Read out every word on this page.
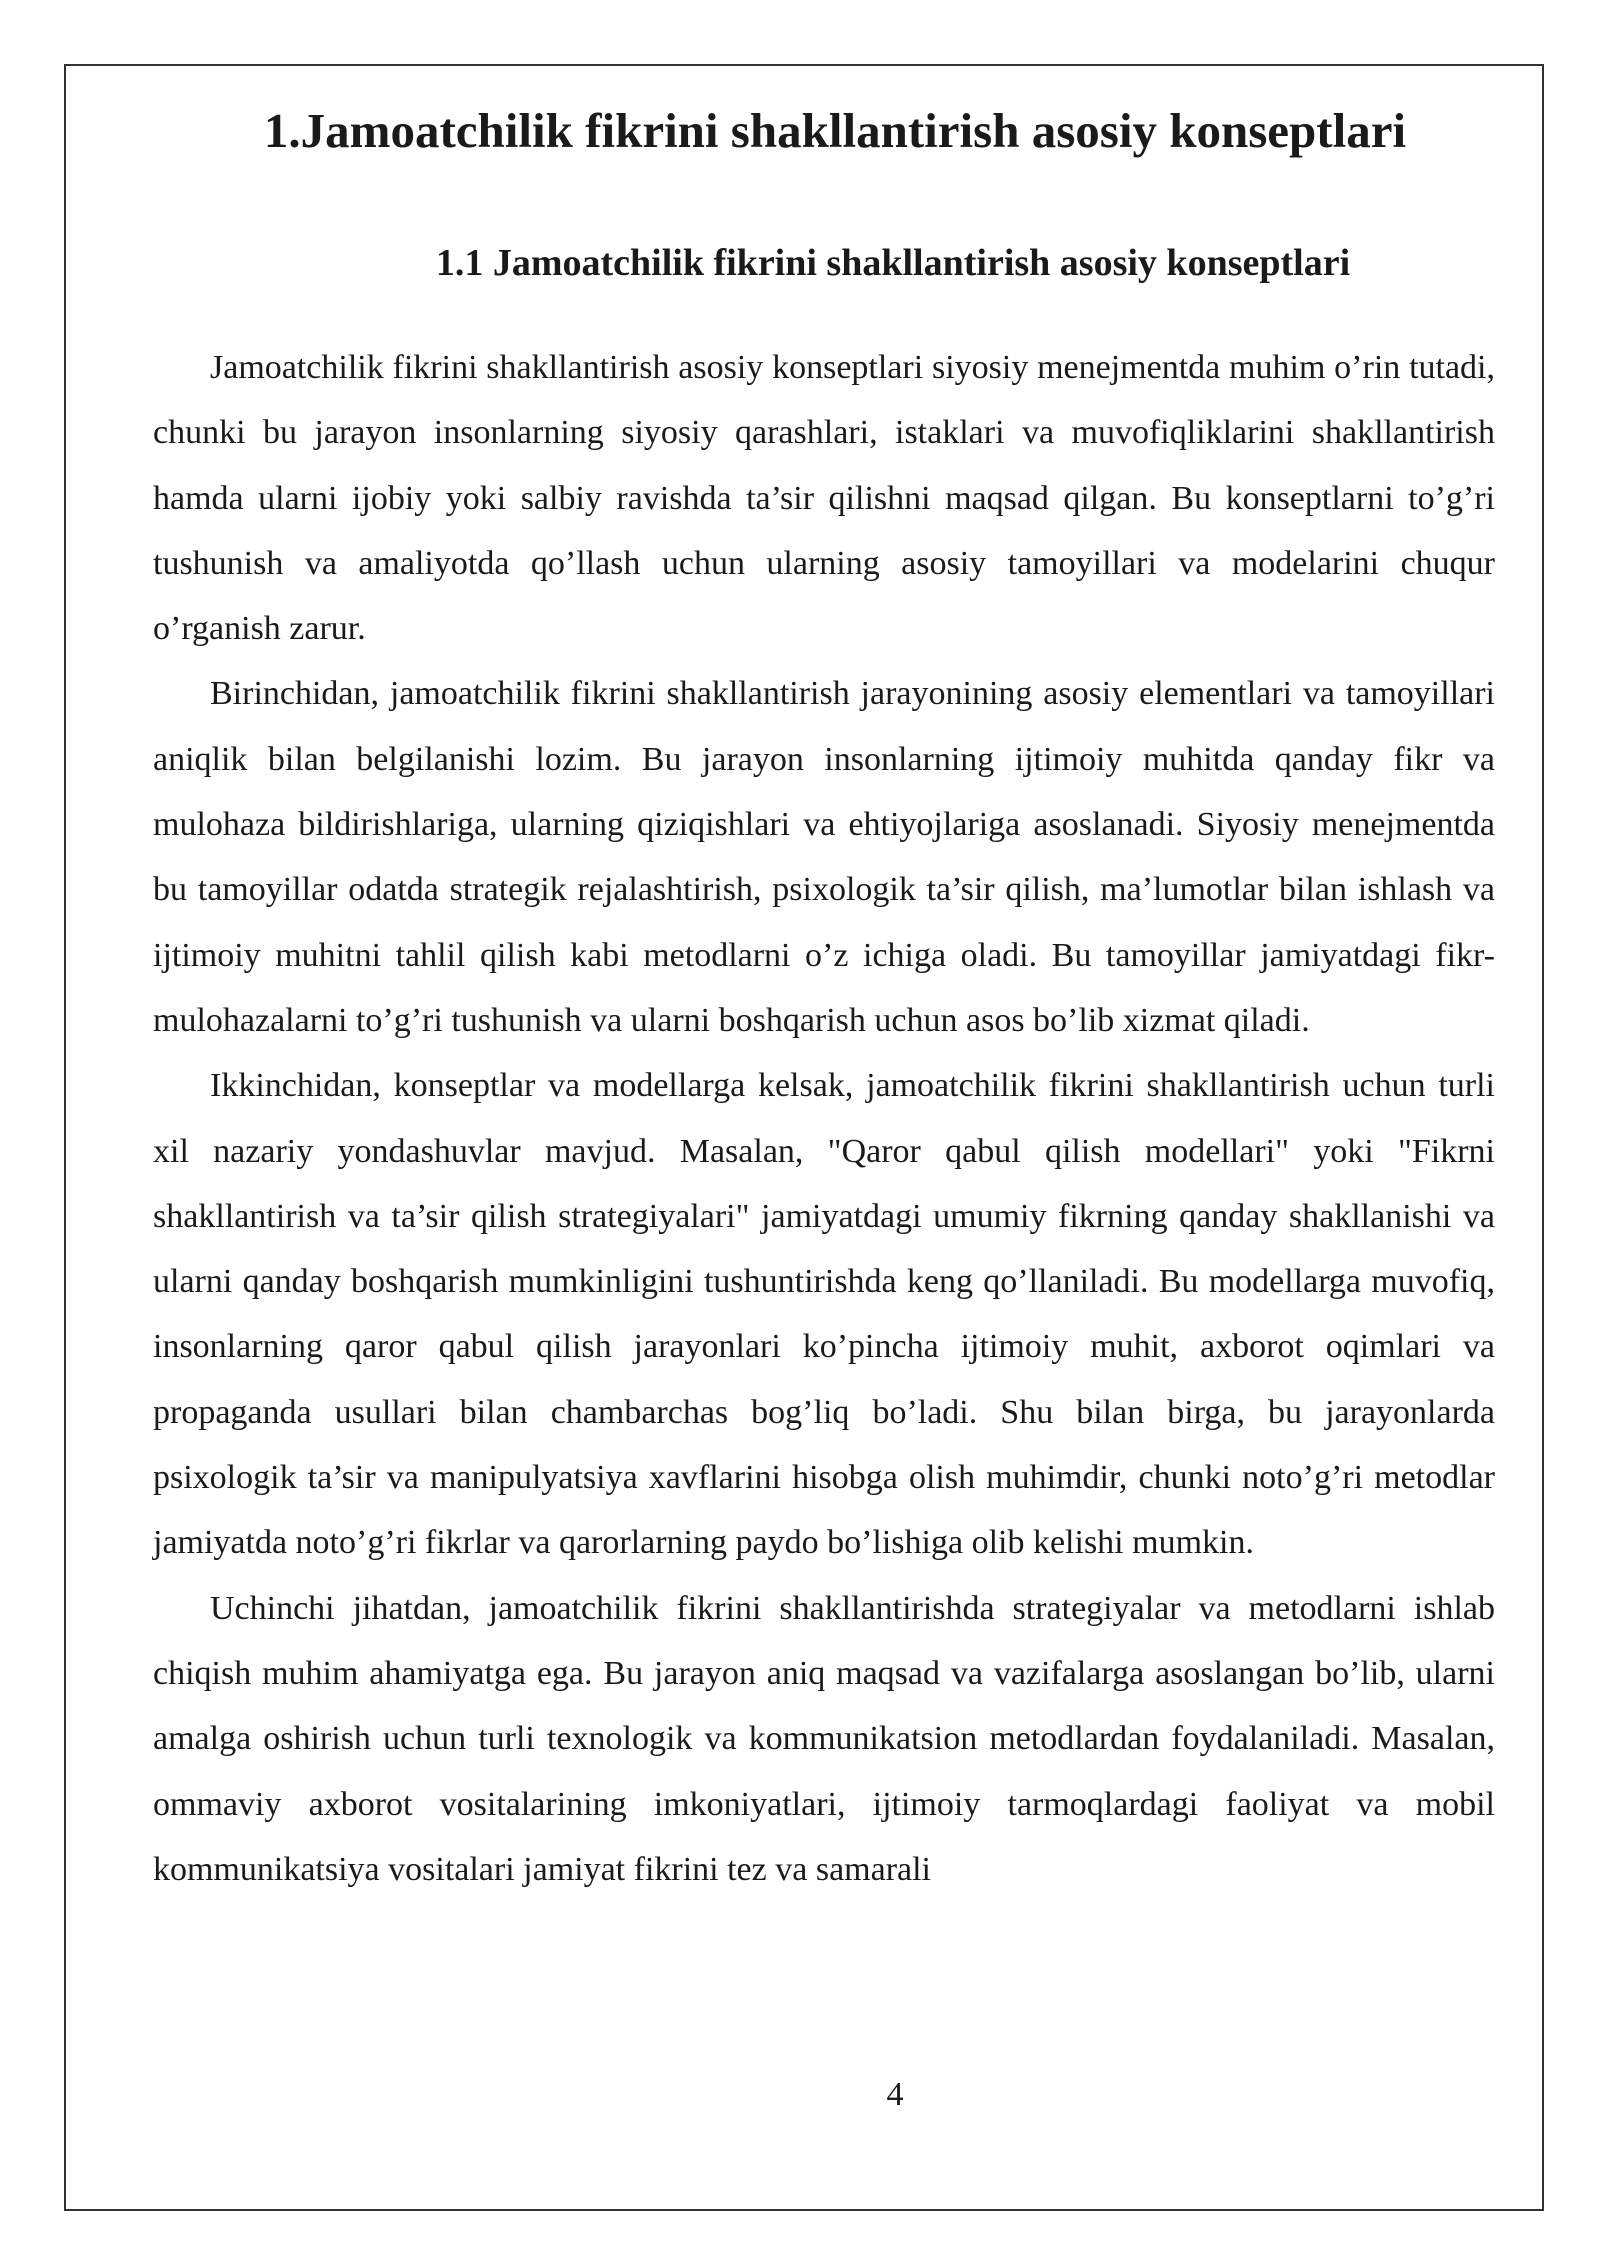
1.Jamoatchilik fikrini shakllantirish asosiy konseptlari
1.1 Jamoatchilik fikrini shakllantirish asosiy konseptlari

Jamoatchilik fikrini shakllantirish asosiy konseptlari siyosiy menejmentda muhim o’rin tutadi, chunki bu jarayon insonlarning siyosiy qarashlari, istaklari va muvofiqliklarini shakllantirish hamda ularni ijobiy yoki salbiy ravishda ta’sir qilishni maqsad qilgan. Bu konseptlarni to’g’ri tushunish va amaliyotda qo’llash uchun ularning asosiy tamoyillari va modelarini chuqur o’rganish zarur.

Birinchidan, jamoatchilik fikrini shakllantirish jarayonining asosiy elementlari va tamoyillari aniqlik bilan belgilanishi lozim. Bu jarayon insonlarning ijtimoiy muhitda qanday fikr va mulohaza bildirishlariga, ularning qiziqishlari va ehtiyojlariga asoslanadi. Siyosiy menejmentda bu tamoyillar odatda strategik rejalashtirish, psixologik ta’sir qilish, ma’lumotlar bilan ishlash va ijtimoiy muhitni tahlil qilish kabi metodlarni o’z ichiga oladi. Bu tamoyillar jamiyatdagi fikr-mulohazalarni to’g’ri tushunish va ularni boshqarish uchun asos bo’lib xizmat qiladi.

Ikkinchidan, konseptlar va modellarga kelsak, jamoatchilik fikrini shakllantirish uchun turli xil nazariy yondashuvlar mavjud. Masalan, "Qaror qabul qilish modellari" yoki "Fikrni shakllantirish va ta’sir qilish strategiyalari" jamiyatdagi umumiy fikrning qanday shakllanishi va ularni qanday boshqarish mumkinligini tushuntirishda keng qo’llaniladi. Bu modellarga muvofiq, insonlarning qaror qabul qilish jarayonlari ko’pincha ijtimoiy muhit, axborot oqimlari va propaganda usullari bilan chambarchas bog’liq bo’ladi. Shu bilan birga, bu jarayonlarda psixologik ta’sir va manipulyatsiya xavflarini hisobga olish muhimdir, chunki noto’g’ri metodlar jamiyatda noto’g’ri fikrlar va qarorlarning paydo bo’lishiga olib kelishi mumkin.

Uchinchi jihatdan, jamoatchilik fikrini shakllantirishda strategiyalar va metodlarni ishlab chiqish muhim ahamiyatga ega. Bu jarayon aniq maqsad va vazifalarga asoslangan bo’lib, ularni amalga oshirish uchun turli texnologik va kommunikatsion metodlardan foydalaniladi. Masalan, ommaviy axborot vositalarining imkoniyatlari, ijtimoiy tarmoqlardagi faoliyat va mobil kommunikatsiya vositalari jamiyat fikrini tez va samarali

4
